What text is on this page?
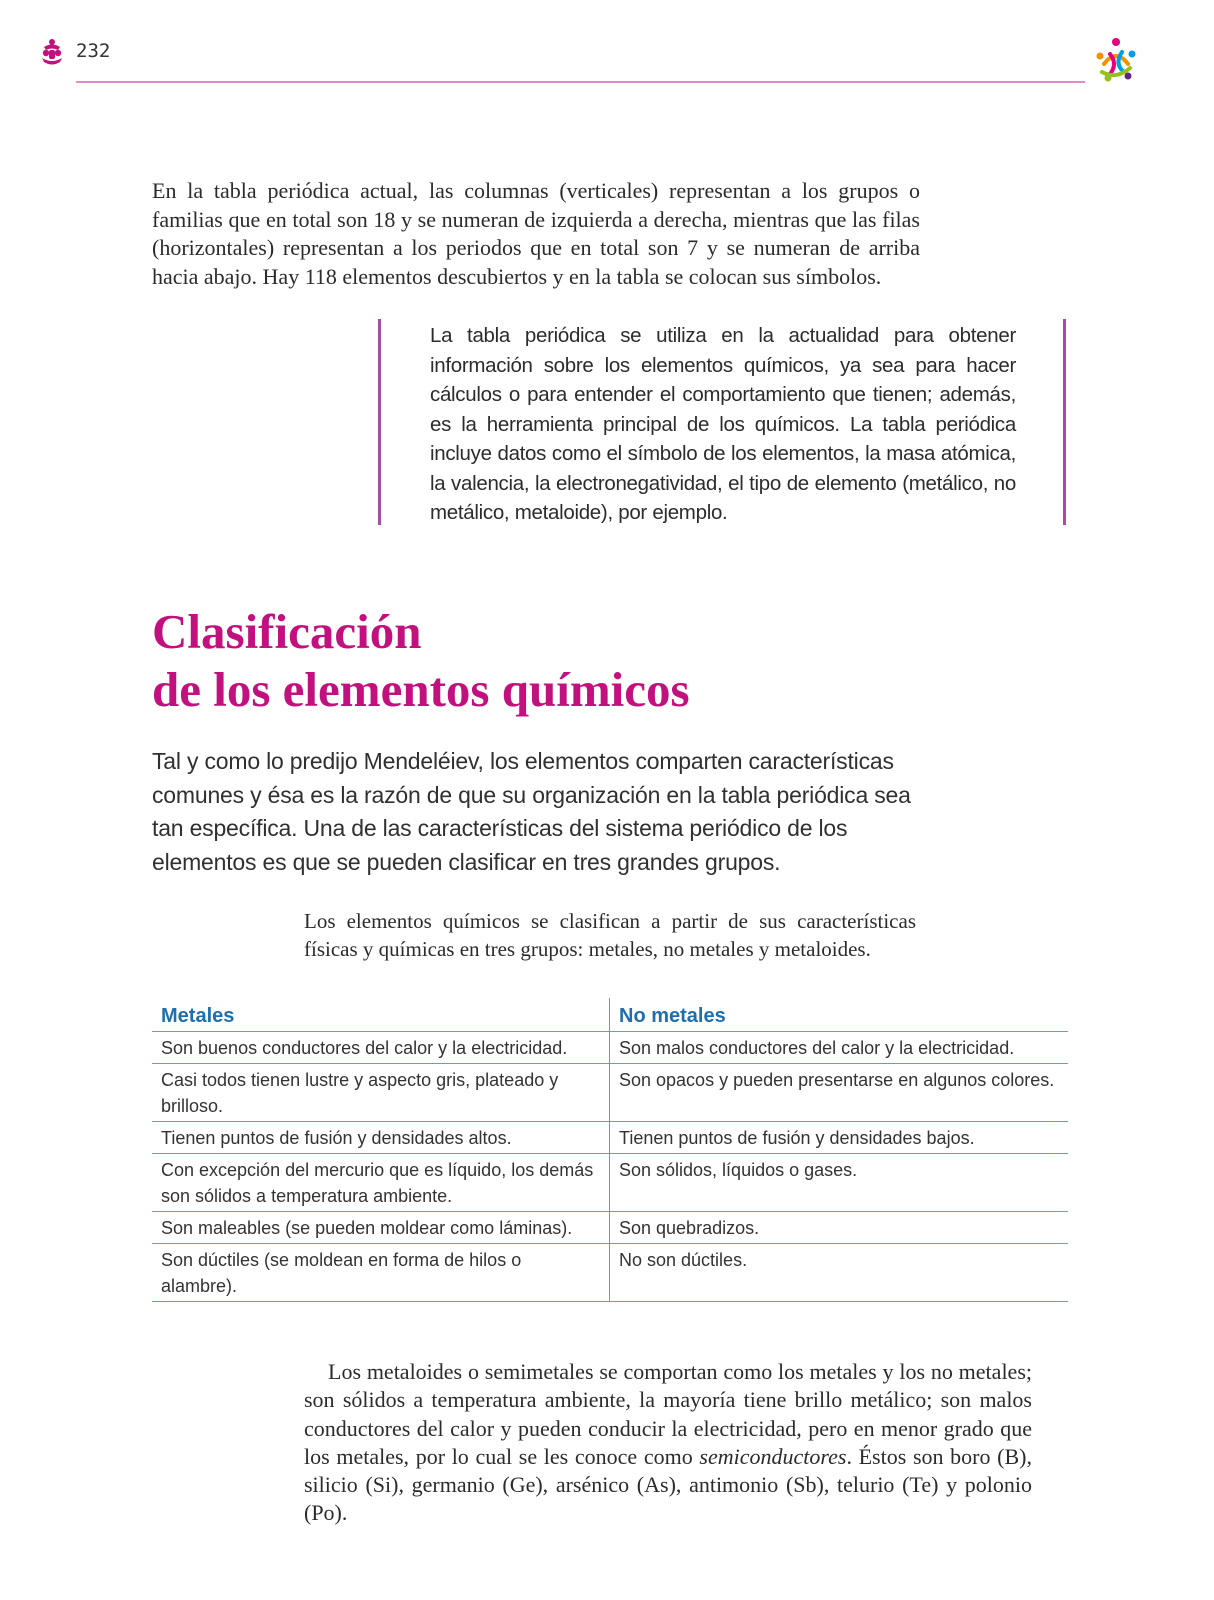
232

En la tabla periódica actual, las columnas (verticales) representan a los grupos o familias que en total son 18 y se numeran de izquierda a derecha, mientras que las filas (horizontales) representan a los periodos que en total son 7 y se numeran de arriba hacia abajo. Hay 118 elementos descubiertos y en la tabla se colocan sus símbolos.

La tabla periódica se utiliza en la actualidad para obtener información sobre los elementos químicos, ya sea para hacer cálculos o para entender el comportamiento que tienen; además, es la herramienta principal de los químicos. La tabla periódica incluye datos como el símbolo de los elementos, la masa atómica, la valencia, la electronegatividad, el tipo de elemento (metálico, no metálico, metaloide), por ejemplo.
Clasificación
de los elementos químicos

Tal y como lo predijo Mendeléiev, los elementos comparten características comunes y ésa es la razón de que su organización en la tabla periódica sea tan específica. Una de las características del sistema periódico de los elementos es que se pueden clasificar en tres grandes grupos.

Los elementos químicos se clasifican a partir de sus características físicas y químicas en tres grupos: metales, no metales y metaloides.

Metales	No metales
Son buenos conductores del calor y la electricidad.	Son malos conductores del calor y la electricidad.
Casi todos tienen lustre y aspecto gris, plateado y brilloso.	Son opacos y pueden presentarse en algunos colores.
Tienen puntos de fusión y densidades altos.	Tienen puntos de fusión y densidades bajos.
Con excepción del mercurio que es líquido, los demás son sólidos a temperatura ambiente.	Son sólidos, líquidos o gases.
Son maleables (se pueden moldear como láminas).	Son quebradizos.
Son dúctiles (se moldean en forma de hilos o alambre).	No son dúctiles.

Los metaloides o semimetales se comportan como los metales y los no metales; son sólidos a temperatura ambiente, la mayoría tiene brillo metálico; son malos conductores del calor y pueden conducir la electricidad, pero en menor grado que los metales, por lo cual se les conoce como semiconductores. Éstos son boro (B), silicio (Si), germanio (Ge), arsénico (As), antimonio (Sb), telurio (Te) y polonio (Po).
